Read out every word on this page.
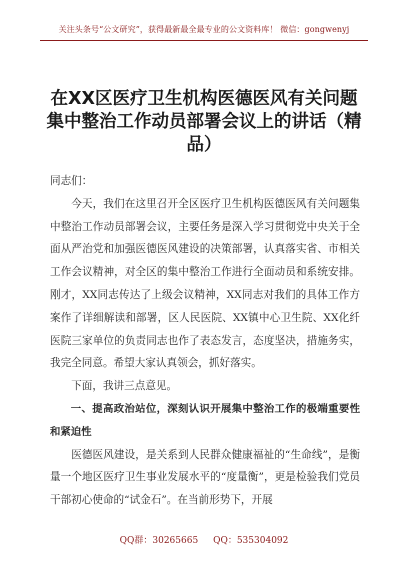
关注头条号“公文研究”，获得最新最全最专业的公文资料库！ 微信：gongwenyj
在XX区医疗卫生机构医德医风有关问题集中整治工作动员部署会议上的讲话（精品）

同志们：

今天，我们在这里召开全区医疗卫生机构医德医风有关问题集中整治工作动员部署会议，主要任务是深入学习贯彻党中央关于全面从严治党和加强医德医风建设的决策部署，认真落实省、市相关工作会议精神，对全区的集中整治工作进行全面动员和系统安排。刚才，XX同志传达了上级会议精神，XX同志对我们的具体工作方案作了详细解读和部署，区人民医院、XX镇中心卫生院、XX化纤医院三家单位的负责同志也作了表态发言，态度坚决，措施务实，我完全同意。希望大家认真领会，抓好落实。

下面，我讲三点意见。

一、提高政治站位，深刻认识开展集中整治工作的极端重要性和紧迫性

医德医风建设，是关系到人民群众健康福祉的“生命线”，是衡量一个地区医疗卫生事业发展水平的“度量衡”，更是检验我们党员干部初心使命的“试金石”。在当前形势下，开展

QQ群：30265665 QQ：535304092
